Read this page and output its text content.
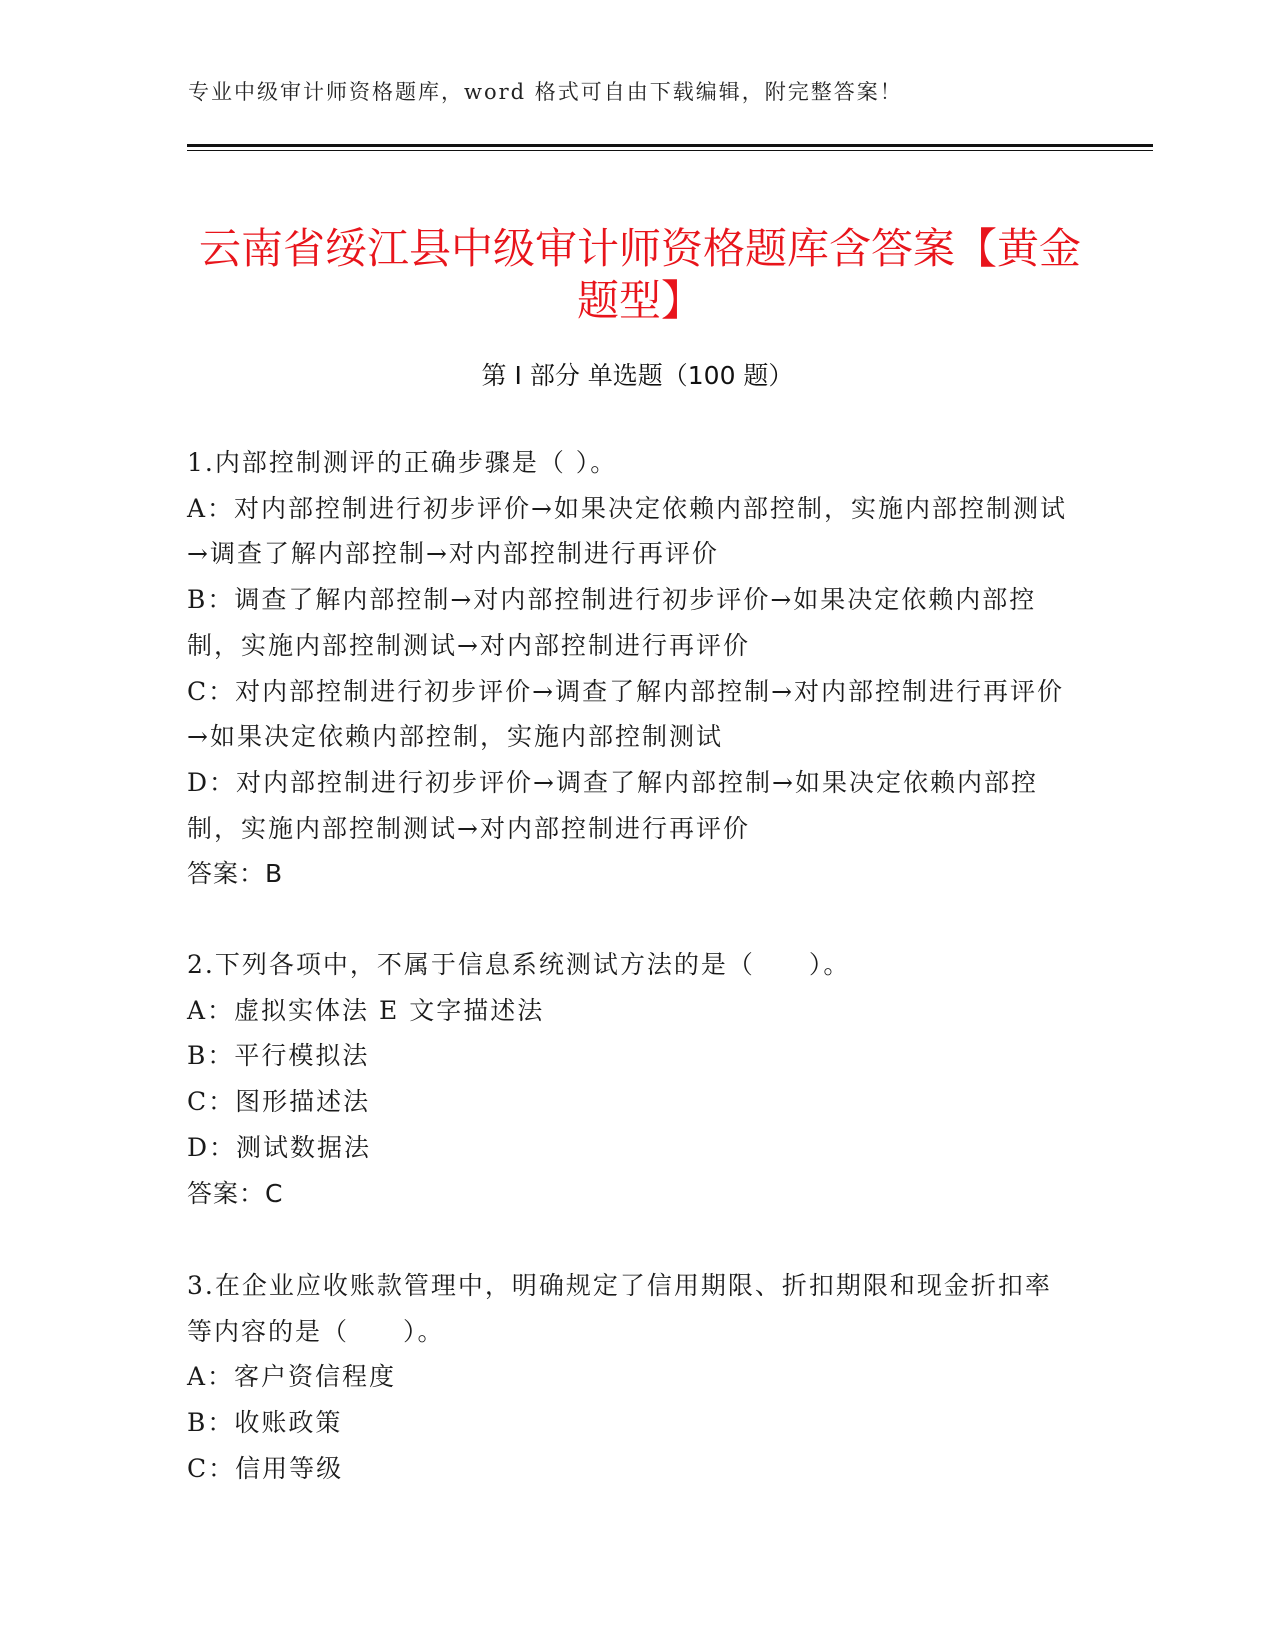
专业中级审计师资格题库，word 格式可自由下载编辑，附完整答案！
云南省绥江县中级审计师资格题库含答案【黄金题型】
第 I 部分 单选题（100 题）

1.内部控制测评的正确步骤是（ ）。

A：对内部控制进行初步评价→如果决定依赖内部控制，实施内部控制测试→调查了解内部控制→对内部控制进行再评价

B：调查了解内部控制→对内部控制进行初步评价→如果决定依赖内部控制，实施内部控制测试→对内部控制进行再评价

C：对内部控制进行初步评价→调查了解内部控制→对内部控制进行再评价→如果决定依赖内部控制，实施内部控制测试

D：对内部控制进行初步评价→调查了解内部控制→如果决定依赖内部控制，实施内部控制测试→对内部控制进行再评价

答案：B

2.下列各项中，不属于信息系统测试方法的是（　　）。

A：虚拟实体法 E 文字描述法

B：平行模拟法

C：图形描述法

D：测试数据法

答案：C

3.在企业应收账款管理中，明确规定了信用期限、折扣期限和现金折扣率等内容的是（　　）。

A：客户资信程度

B：收账政策

C：信用等级
